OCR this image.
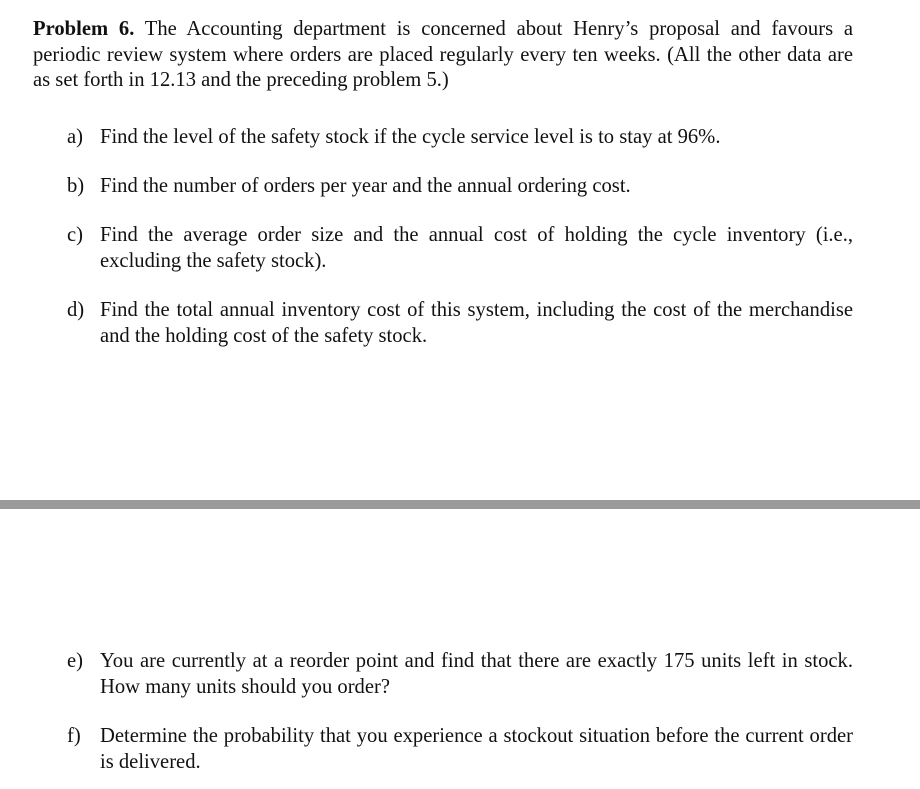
Problem 6. The Accounting department is concerned about Henry’s proposal and favours a periodic review system where orders are placed regularly every ten weeks. (All the other data are as set forth in 12.13 and the preceding problem 5.)

a) Find the level of the safety stock if the cycle service level is to stay at 96%.
b) Find the number of orders per year and the annual ordering cost.
c) Find the average order size and the annual cost of holding the cycle inventory (i.e., excluding the safety stock).
d) Find the total annual inventory cost of this system, including the cost of the merchandise and the holding cost of the safety stock.
e) You are currently at a reorder point and find that there are exactly 175 units left in stock. How many units should you order?
f) Determine the probability that you experience a stockout situation before the current order is delivered.
